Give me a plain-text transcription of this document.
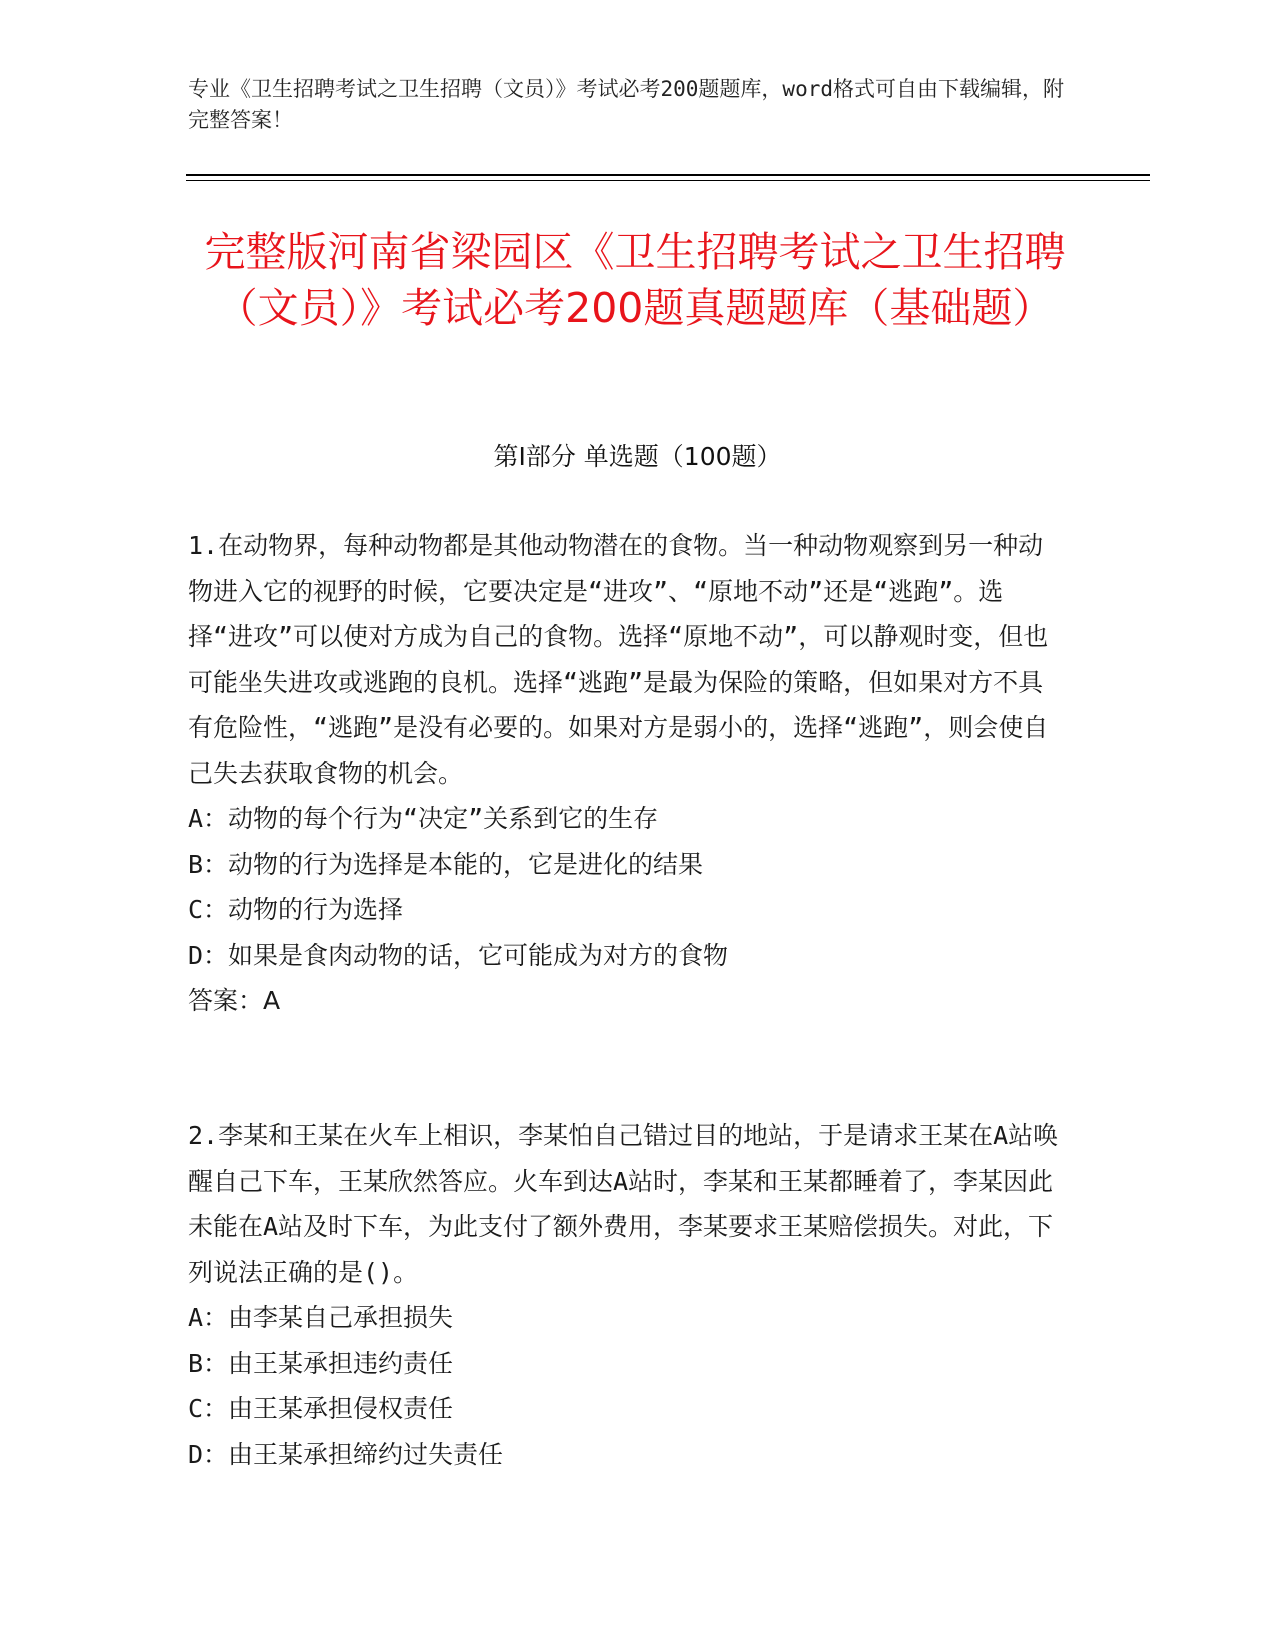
专业《卫生招聘考试之卫生招聘（文员）》考试必考200题题库，word格式可自由下载编辑，附完整答案！
完整版河南省梁园区《卫生招聘考试之卫生招聘（文员）》考试必考200题真题题库（基础题）
第Ⅰ部分 单选题（100题）

1.在动物界，每种动物都是其他动物潜在的食物。当一种动物观察到另一种动物进入它的视野的时候，它要决定是“进攻”、“原地不动”还是“逃跑”。选择“进攻”可以使对方成为自己的食物。选择“原地不动”，可以静观时变，但也可能坐失进攻或逃跑的良机。选择“逃跑”是最为保险的策略，但如果对方不具有危险性，“逃跑”是没有必要的。如果对方是弱小的，选择“逃跑”，则会使自己失去获取食物的机会。

A：动物的每个行为“决定”关系到它的生存

B：动物的行为选择是本能的，它是进化的结果

C：动物的行为选择

D：如果是食肉动物的话，它可能成为对方的食物

答案：A

2.李某和王某在火车上相识，李某怕自己错过目的地站，于是请求王某在A站唤醒自己下车，王某欣然答应。火车到达A站时，李某和王某都睡着了，李某因此未能在A站及时下车，为此支付了额外费用，李某要求王某赔偿损失。对此，下列说法正确的是()。

A：由李某自己承担损失

B：由王某承担违约责任

C：由王某承担侵权责任

D：由王某承担缔约过失责任
